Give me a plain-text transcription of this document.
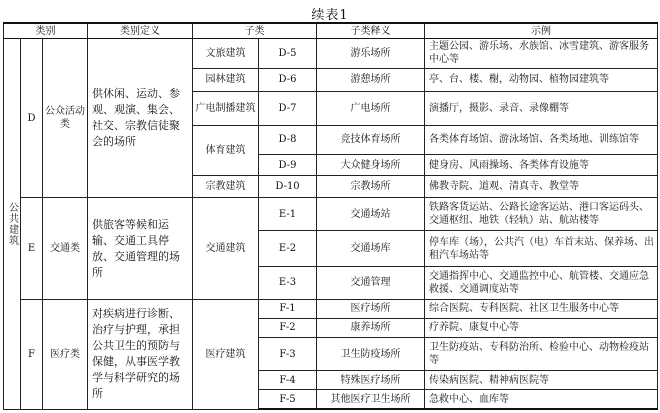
续表1
类别			类别定义	子类		子类释义	示例
公共建筑	D	公众活动类	供休闲、运动、参观、观演、集会、社交、宗教信徒聚会的场所	文旅建筑	D-5	游乐场所	主题公园、游乐场、水族馆、冰雪建筑、游客服务中心等
				园林建筑	D-6	游憩场所	亭、台、楼、榭，动物园、植物园建筑等
				广电制播建筑	D-7	广电场所	演播厅，摄影、录音、录像棚等
				体育建筑	D-8	竞技体育场所	各类体育场馆、游泳场馆、各类场地、训练馆等
					D-9	大众健身场所	健身房、风雨操场、各类体育设施等
				宗教建筑	D-10	宗教场所	佛教寺院、道观、清真寺、教堂等
	E	交通类	供旅客等候和运输、交通工具停放、交通管理的场所	交通建筑	E-1	交通场站	铁路客货运站、公路长途客运站、港口客运码头、交通枢纽、地铁（轻轨）站、航站楼等
					E-2	交通场库	停车库（场），公共汽（电）车首末站、保养场、出租汽车场站等
					E-3	交通管理	交通指挥中心、交通监控中心、航管楼、交通应急救援、交通调度站等
	F	医疗类	对疾病进行诊断、治疗与护理，承担公共卫生的预防与保健，从事医学教学与科学研究的场所	医疗建筑	F-1	医疗场所	综合医院、专科医院、社区卫生服务中心等
					F-2	康养场所	疗养院、康复中心等
					F-3	卫生防疫场所	卫生防疫站、专科防治所、检验中心、动物检疫站等
					F-4	特殊医疗场所	传染病医院、精神病医院等
					F-5	其他医疗卫生场所	急救中心、血库等
